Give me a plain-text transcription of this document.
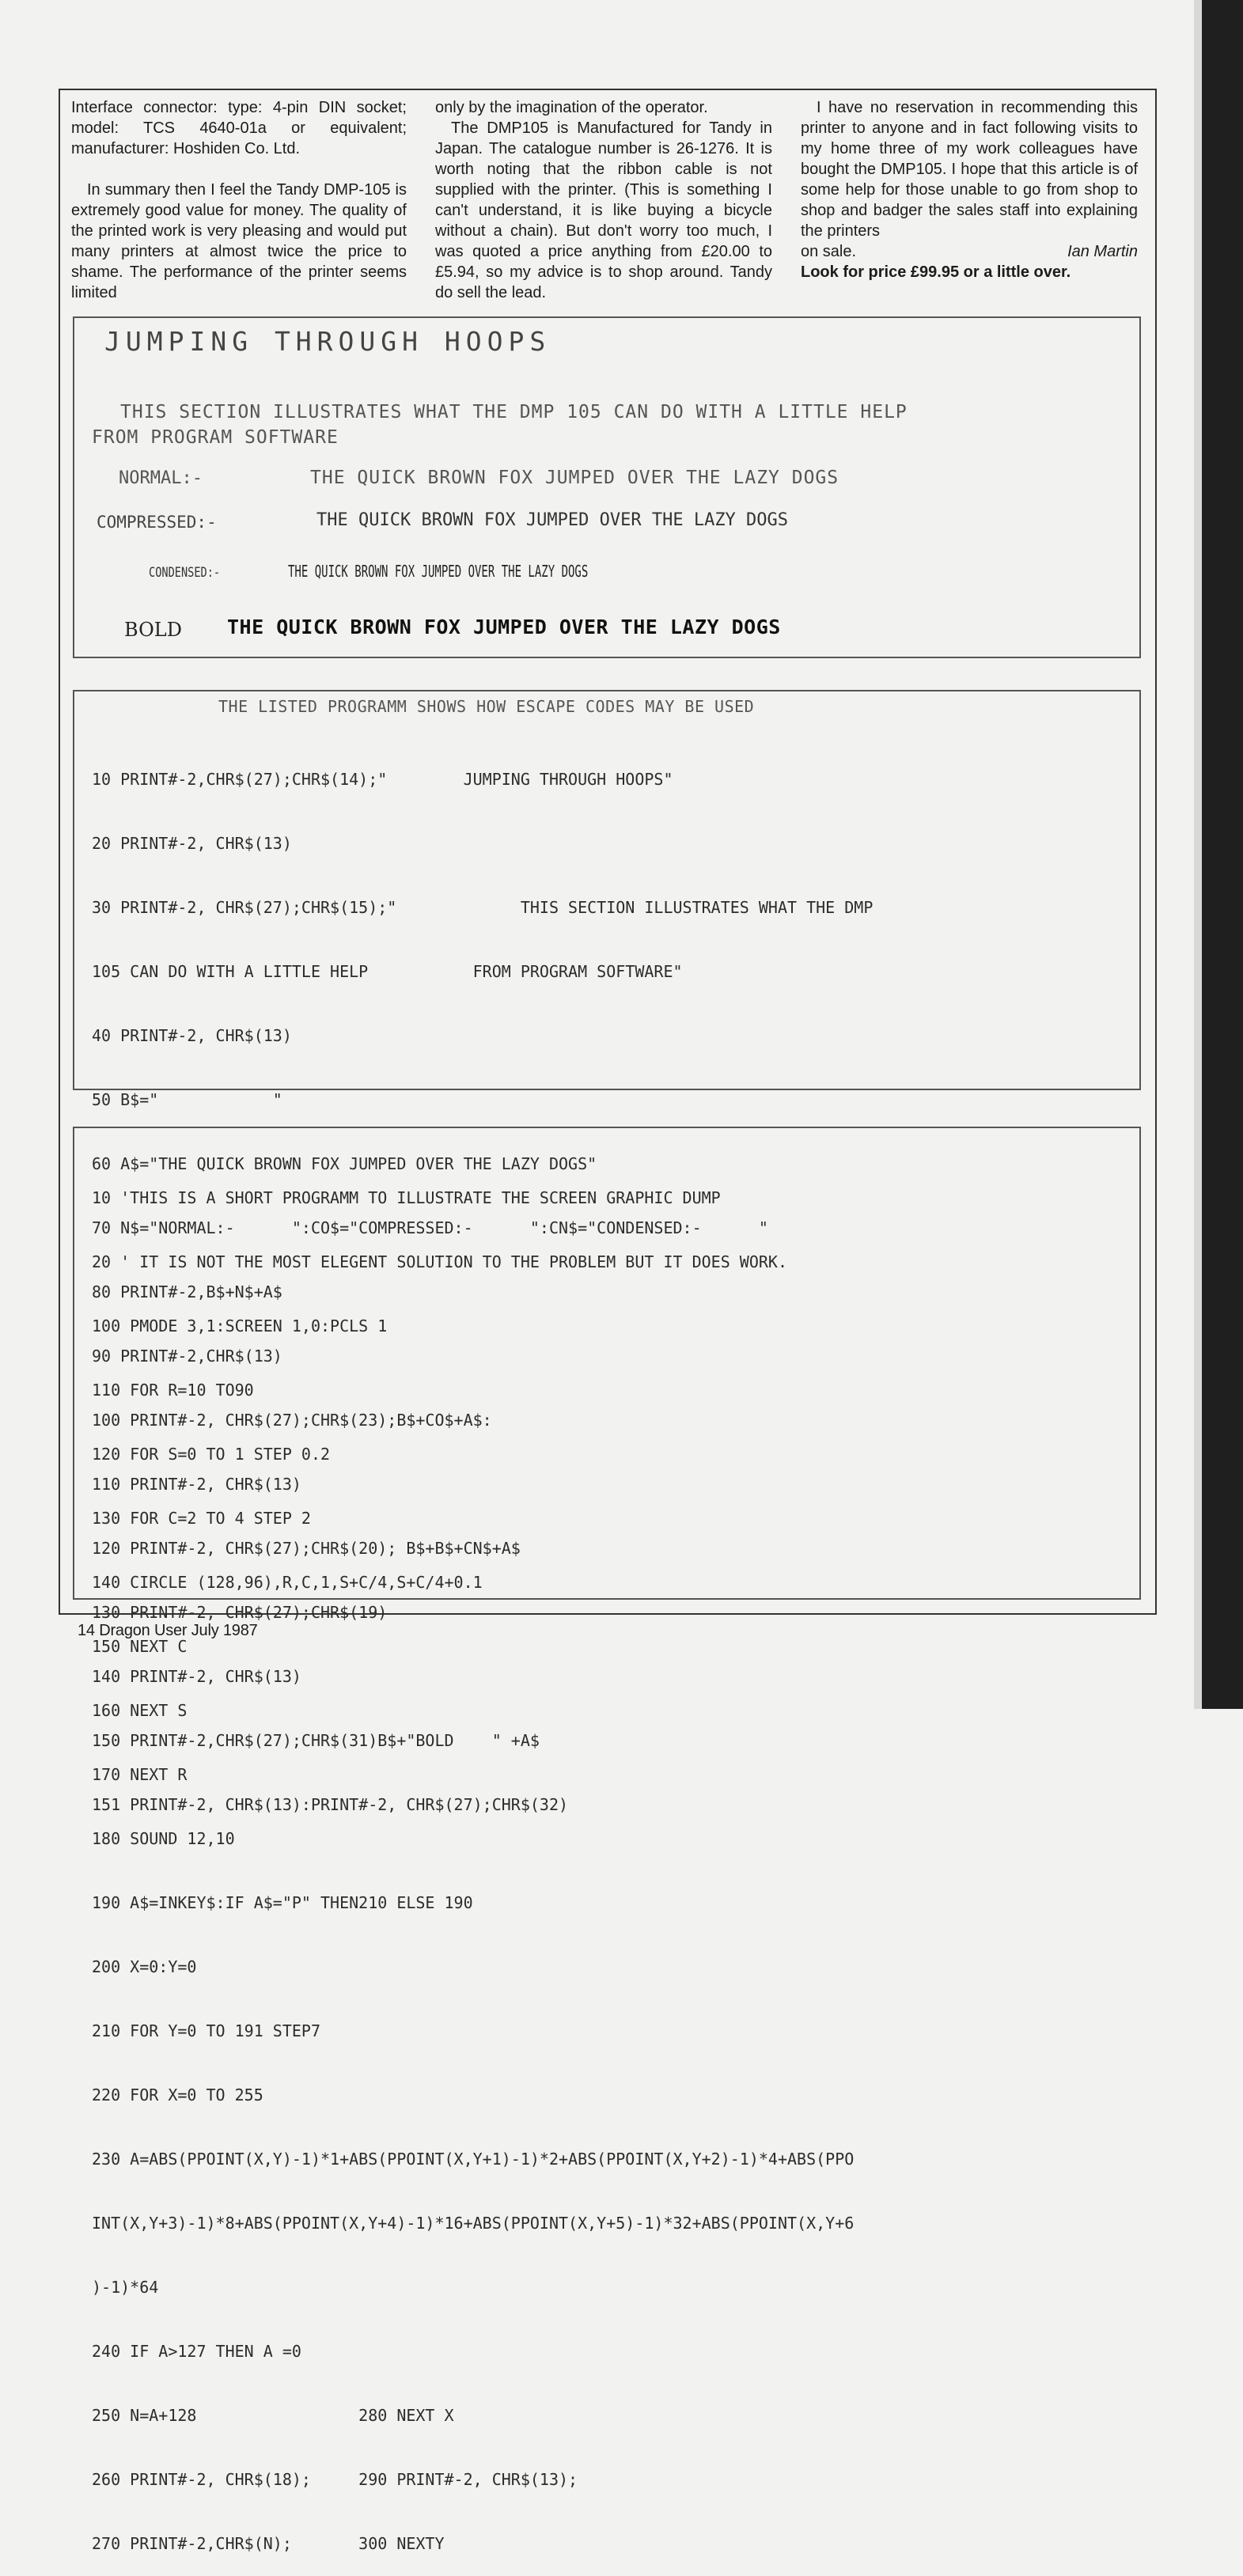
Interface connector: type: 4-pin DIN socket; model: TCS 4640-01a or equivalent; manufacturer: Hoshiden Co. Ltd.

In summary then I feel the Tandy DMP-105 is extremely good value for money. The quality of the printed work is very pleasing and would put many printers at almost twice the price to shame. The performance of the printer seems limited

only by the imagination of the operator.

The DMP105 is Manufactured for Tandy in Japan. The catalogue number is 26-1276. It is worth noting that the ribbon cable is not supplied with the printer. (This is something I can't understand, it is like buying a bicycle without a chain). But don't worry too much, I was quoted a price anything from £20.00 to £5.94, so my advice is to shop around. Tandy do sell the lead.

I have no reservation in recommending this printer to anyone and in fact following visits to my home three of my work colleagues have bought the DMP105. I hope that this article is of some help for those unable to go from shop to shop and badger the sales staff into explaining the printers

on sale.	Ian Martin

Look for price £99.95 or a little over.

JUMPING THROUGH HOOPS
THIS SECTION ILLUSTRATES WHAT THE DMP 105 CAN DO WITH A LITTLE HELP
FROM PROGRAM SOFTWARE
NORMAL:-	THE QUICK BROWN FOX JUMPED OVER THE LAZY DOGS
COMPRESSED:-	THE QUICK BROWN FOX JUMPED OVER THE LAZY DOGS
CONDENSED:-	THE QUICK BROWN FOX JUMPED OVER THE LAZY DOGS
BOLD THE QUICK BROWN FOX JUMPED OVER THE LAZY DOGS
THE LISTED PROGRAMM SHOWS HOW ESCAPE CODES MAY BE USED

10 PRINT#-2,CHR$(27);CHR$(14);"        JUMPING THROUGH HOOPS"

20 PRINT#-2, CHR$(13)

30 PRINT#-2, CHR$(27);CHR$(15);"             THIS SECTION ILLUSTRATES WHAT THE DMP

105 CAN DO WITH A LITTLE HELP           FROM PROGRAM SOFTWARE"

40 PRINT#-2, CHR$(13)

50 B$="            "

60 A$="THE QUICK BROWN FOX JUMPED OVER THE LAZY DOGS"

70 N$="NORMAL:-      ":CO$="COMPRESSED:-      ":CN$="CONDENSED:-      "

80 PRINT#-2,B$+N$+A$

90 PRINT#-2,CHR$(13)

100 PRINT#-2, CHR$(27);CHR$(23);B$+CO$+A$:

110 PRINT#-2, CHR$(13)

120 PRINT#-2, CHR$(27);CHR$(20); B$+B$+CN$+A$

130 PRINT#-2, CHR$(27);CHR$(19)

140 PRINT#-2, CHR$(13)

150 PRINT#-2,CHR$(27);CHR$(31)B$+"BOLD    " +A$

151 PRINT#-2, CHR$(13):PRINT#-2, CHR$(27);CHR$(32)

10 'THIS IS A SHORT PROGRAMM TO ILLUSTRATE THE SCREEN GRAPHIC DUMP

20 ' IT IS NOT THE MOST ELEGENT SOLUTION TO THE PROBLEM BUT IT DOES WORK.

100 PMODE 3,1:SCREEN 1,0:PCLS 1

110 FOR R=10 TO90

120 FOR S=0 TO 1 STEP 0.2

130 FOR C=2 TO 4 STEP 2

140 CIRCLE (128,96),R,C,1,S+C/4,S+C/4+0.1

150 NEXT C

160 NEXT S

170 NEXT R

180 SOUND 12,10

190 A$=INKEY$:IF A$="P" THEN210 ELSE 190

200 X=0:Y=0

210 FOR Y=0 TO 191 STEP7

220 FOR X=0 TO 255

230 A=ABS(PPOINT(X,Y)-1)*1+ABS(PPOINT(X,Y+1)-1)*2+ABS(PPOINT(X,Y+2)-1)*4+ABS(PPO

INT(X,Y+3)-1)*8+ABS(PPOINT(X,Y+4)-1)*16+ABS(PPOINT(X,Y+5)-1)*32+ABS(PPOINT(X,Y+6

)-1)*64

240 IF A>127 THEN A =0

250 N=A+128                 280 NEXT X

260 PRINT#-2, CHR$(18);     290 PRINT#-2, CHR$(13);

270 PRINT#-2,CHR$(N);       300 NEXTY

14 Dragon User July 1987
